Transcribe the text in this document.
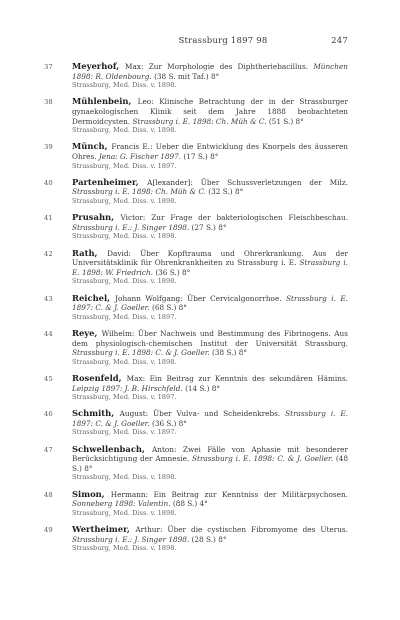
Strassburg 1897 98	247
37	Meyerhof, Max: Zur Morphologie des Diphtheriebacillus. München 1898: R. Oldenbourg. (38 S. mit Taf.) 8°
Strassburg, Med. Diss. v. 1898.
38	Mühlenbein, Leo: Klinische Betrachtung der in der Strassburger gynaekologischen Klinik seit dem Jahre 1888 beobachteten Dermoidcysten. Strassburg i. E. 1898: Ch. Müh & C. (51 S.) 8°
Strassburg, Med. Diss. v. 1898.
39	Münch, Francis E.: Ueber die Entwicklung des Knorpels des äusseren Ohres. Jena: G. Fischer 1897. (17 S.) 8°
Strassburg, Med. Diss. v. 1897.
40	Partenheimer, A[lexander]: Über Schussverletzungen der Milz. Strassburg i. E. 1898: Ch. Müh & C. (32 S.) 8°
Strassburg, Med. Diss. v. 1898.
41	Prusahn, Victor: Zur Frage der bakteriologischen Fleischbeschau. Strassburg i. E.: J. Singer 1898. (27 S.) 8°
Strassburg, Med. Diss. v. 1898.
42	Rath, David: Über Kopftrauma und Ohrerkrankung. Aus der Universitätsklinik für Ohrenkrankheiten zu Strassburg i. E. Strassburg i. E. 1898: W. Friedrich. (36 S.) 8°
Strassburg, Med. Diss. v. 1898.
43	Reichel, Johann Wolfgang: Über Cervicalgonorrhoe. Strassburg i. E. 1897: C. & J. Goeller. (68 S.) 8°
Strassburg, Med. Diss. v. 1897.
44	Reye, Wilhelm: Über Nachweis und Bestimmung des Fibrinogens. Aus dem physiologisch-chemischen Institut der Universität Strassburg. Strassburg i. E. 1898: C. & J. Goeller. (38 S.) 8°
Strassburg, Med. Diss. v. 1898.
45	Rosenfeld, Max: Ein Beitrag zur Kenntnis des sekundären Hämins. Leipzig 1897: J. B. Hirschfeld. (14 S.) 8°
Strassburg, Med. Diss. v. 1897.
46	Schmith, August: Über Vulva- und Scheidenkrebs. Strassburg i. E. 1897: C. & J. Goeller. (36 S.) 8°
Strassburg, Med. Diss. v. 1897.
47	Schwellenbach, Anton: Zwei Fälle von Aphasie mit besonderer Berücksichtigung der Amnesie. Strassburg i. E. 1898: C. & J. Goeller. (48 S.) 8°
Strassburg, Med. Diss. v. 1898.
48	Simon, Hermann: Ein Beitrag zur Kenntniss der Militärpsychosen. Sonneberg 1898: Valentin. (88 S.) 4°
Strassburg, Med. Diss. v. 1898.
49	Wertheimer, Arthur: Über die cystischen Fibromyome des Uterus. Strassburg i. E.: J. Singer 1898. (28 S.) 8°
Strassburg, Med. Diss. v. 1898.
